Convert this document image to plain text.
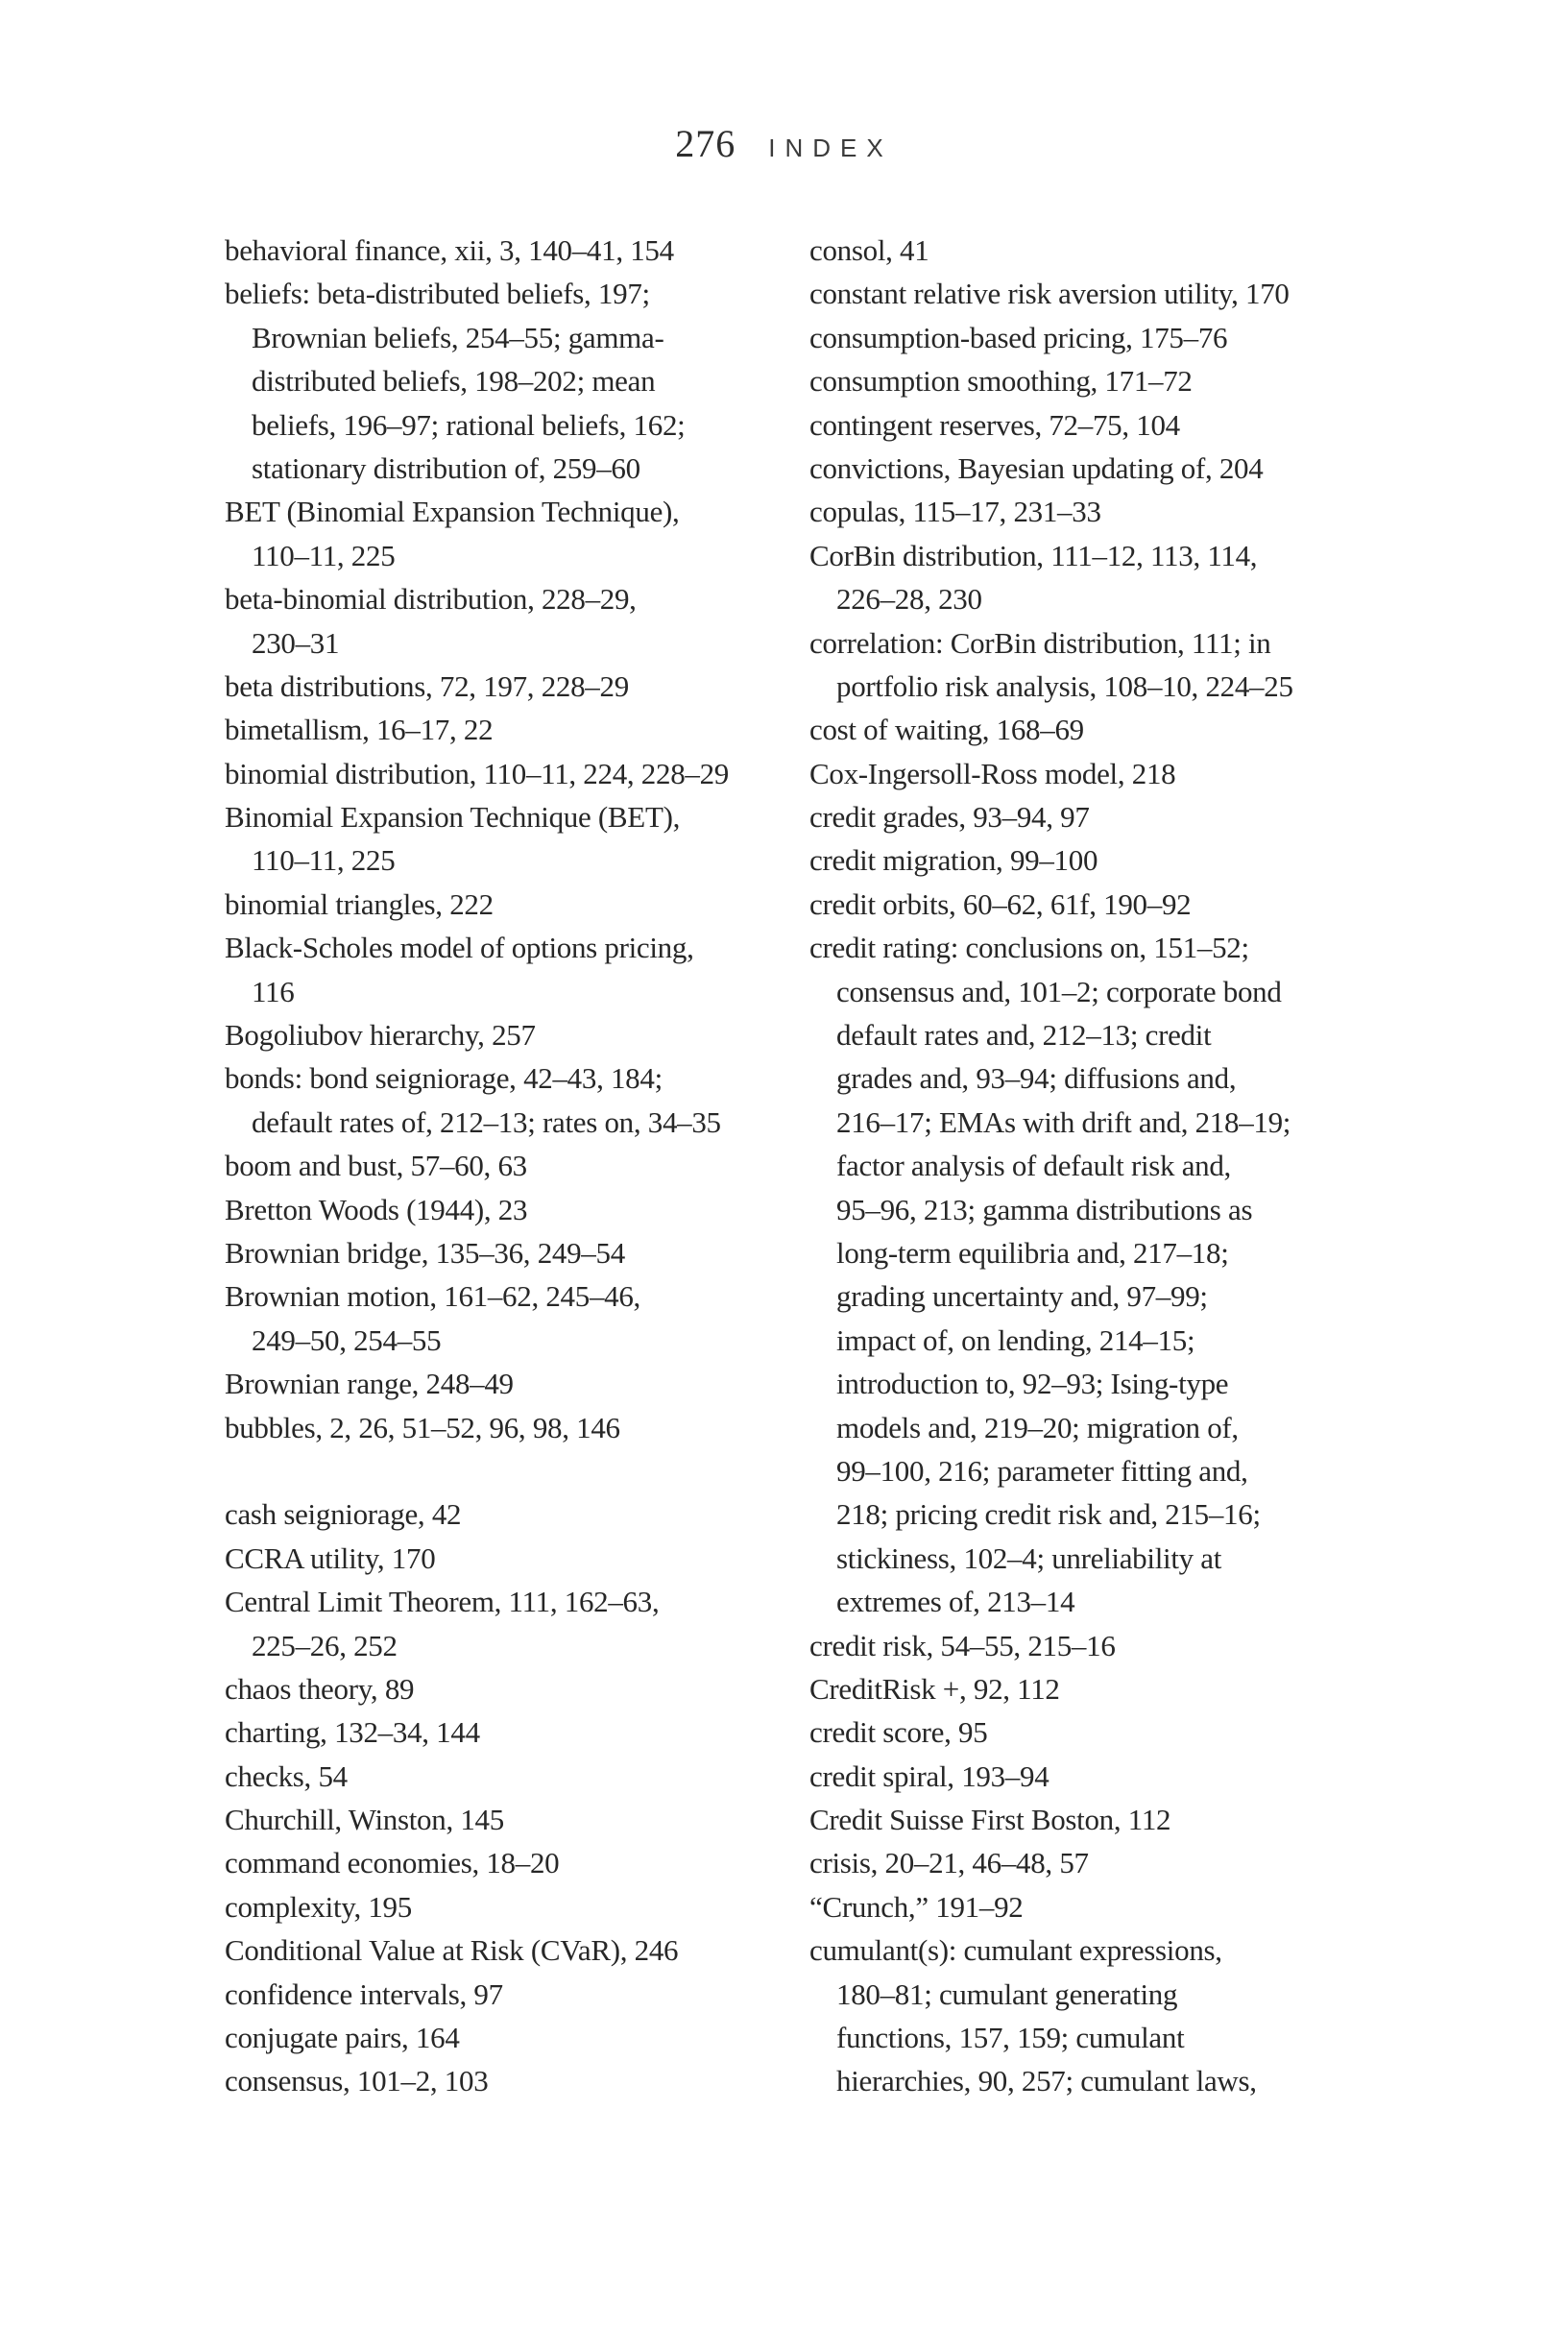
276 INDEX
behavioral finance, xii, 3, 140–41, 154
beliefs: beta-distributed beliefs, 197;
Brownian beliefs, 254–55; gamma-
distributed beliefs, 198–202; mean
beliefs, 196–97; rational beliefs, 162;
stationary distribution of, 259–60
BET (Binomial Expansion Technique),
110–11, 225
beta-binomial distribution, 228–29,
230–31
beta distributions, 72, 197, 228–29
bimetallism, 16–17, 22
binomial distribution, 110–11, 224, 228–29
Binomial Expansion Technique (BET),
110–11, 225
binomial triangles, 222
Black-Scholes model of options pricing,
116
Bogoliubov hierarchy, 257
bonds: bond seigniorage, 42–43, 184;
default rates of, 212–13; rates on, 34–35
boom and bust, 57–60, 63
Bretton Woods (1944), 23
Brownian bridge, 135–36, 249–54
Brownian motion, 161–62, 245–46,
249–50, 254–55
Brownian range, 248–49
bubbles, 2, 26, 51–52, 96, 98, 146
cash seigniorage, 42
CCRA utility, 170
Central Limit Theorem, 111, 162–63,
225–26, 252
chaos theory, 89
charting, 132–34, 144
checks, 54
Churchill, Winston, 145
command economies, 18–20
complexity, 195
Conditional Value at Risk (CVaR), 246
confidence intervals, 97
conjugate pairs, 164
consensus, 101–2, 103
consol, 41
constant relative risk aversion utility, 170
consumption-based pricing, 175–76
consumption smoothing, 171–72
contingent reserves, 72–75, 104
convictions, Bayesian updating of, 204
copulas, 115–17, 231–33
CorBin distribution, 111–12, 113, 114,
226–28, 230
correlation: CorBin distribution, 111; in
portfolio risk analysis, 108–10, 224–25
cost of waiting, 168–69
Cox-Ingersoll-Ross model, 218
credit grades, 93–94, 97
credit migration, 99–100
credit orbits, 60–62, 61f, 190–92
credit rating: conclusions on, 151–52;
consensus and, 101–2; corporate bond
default rates and, 212–13; credit
grades and, 93–94; diffusions and,
216–17; EMAs with drift and, 218–19;
factor analysis of default risk and,
95–96, 213; gamma distributions as
long-term equilibria and, 217–18;
grading uncertainty and, 97–99;
impact of, on lending, 214–15;
introduction to, 92–93; Ising-type
models and, 219–20; migration of,
99–100, 216; parameter fitting and,
218; pricing credit risk and, 215–16;
stickiness, 102–4; unreliability at
extremes of, 213–14
credit risk, 54–55, 215–16
CreditRisk +, 92, 112
credit score, 95
credit spiral, 193–94
Credit Suisse First Boston, 112
crisis, 20–21, 46–48, 57
“Crunch,” 191–92
cumulant(s): cumulant expressions,
180–81; cumulant generating
functions, 157, 159; cumulant
hierarchies, 90, 257; cumulant laws,
